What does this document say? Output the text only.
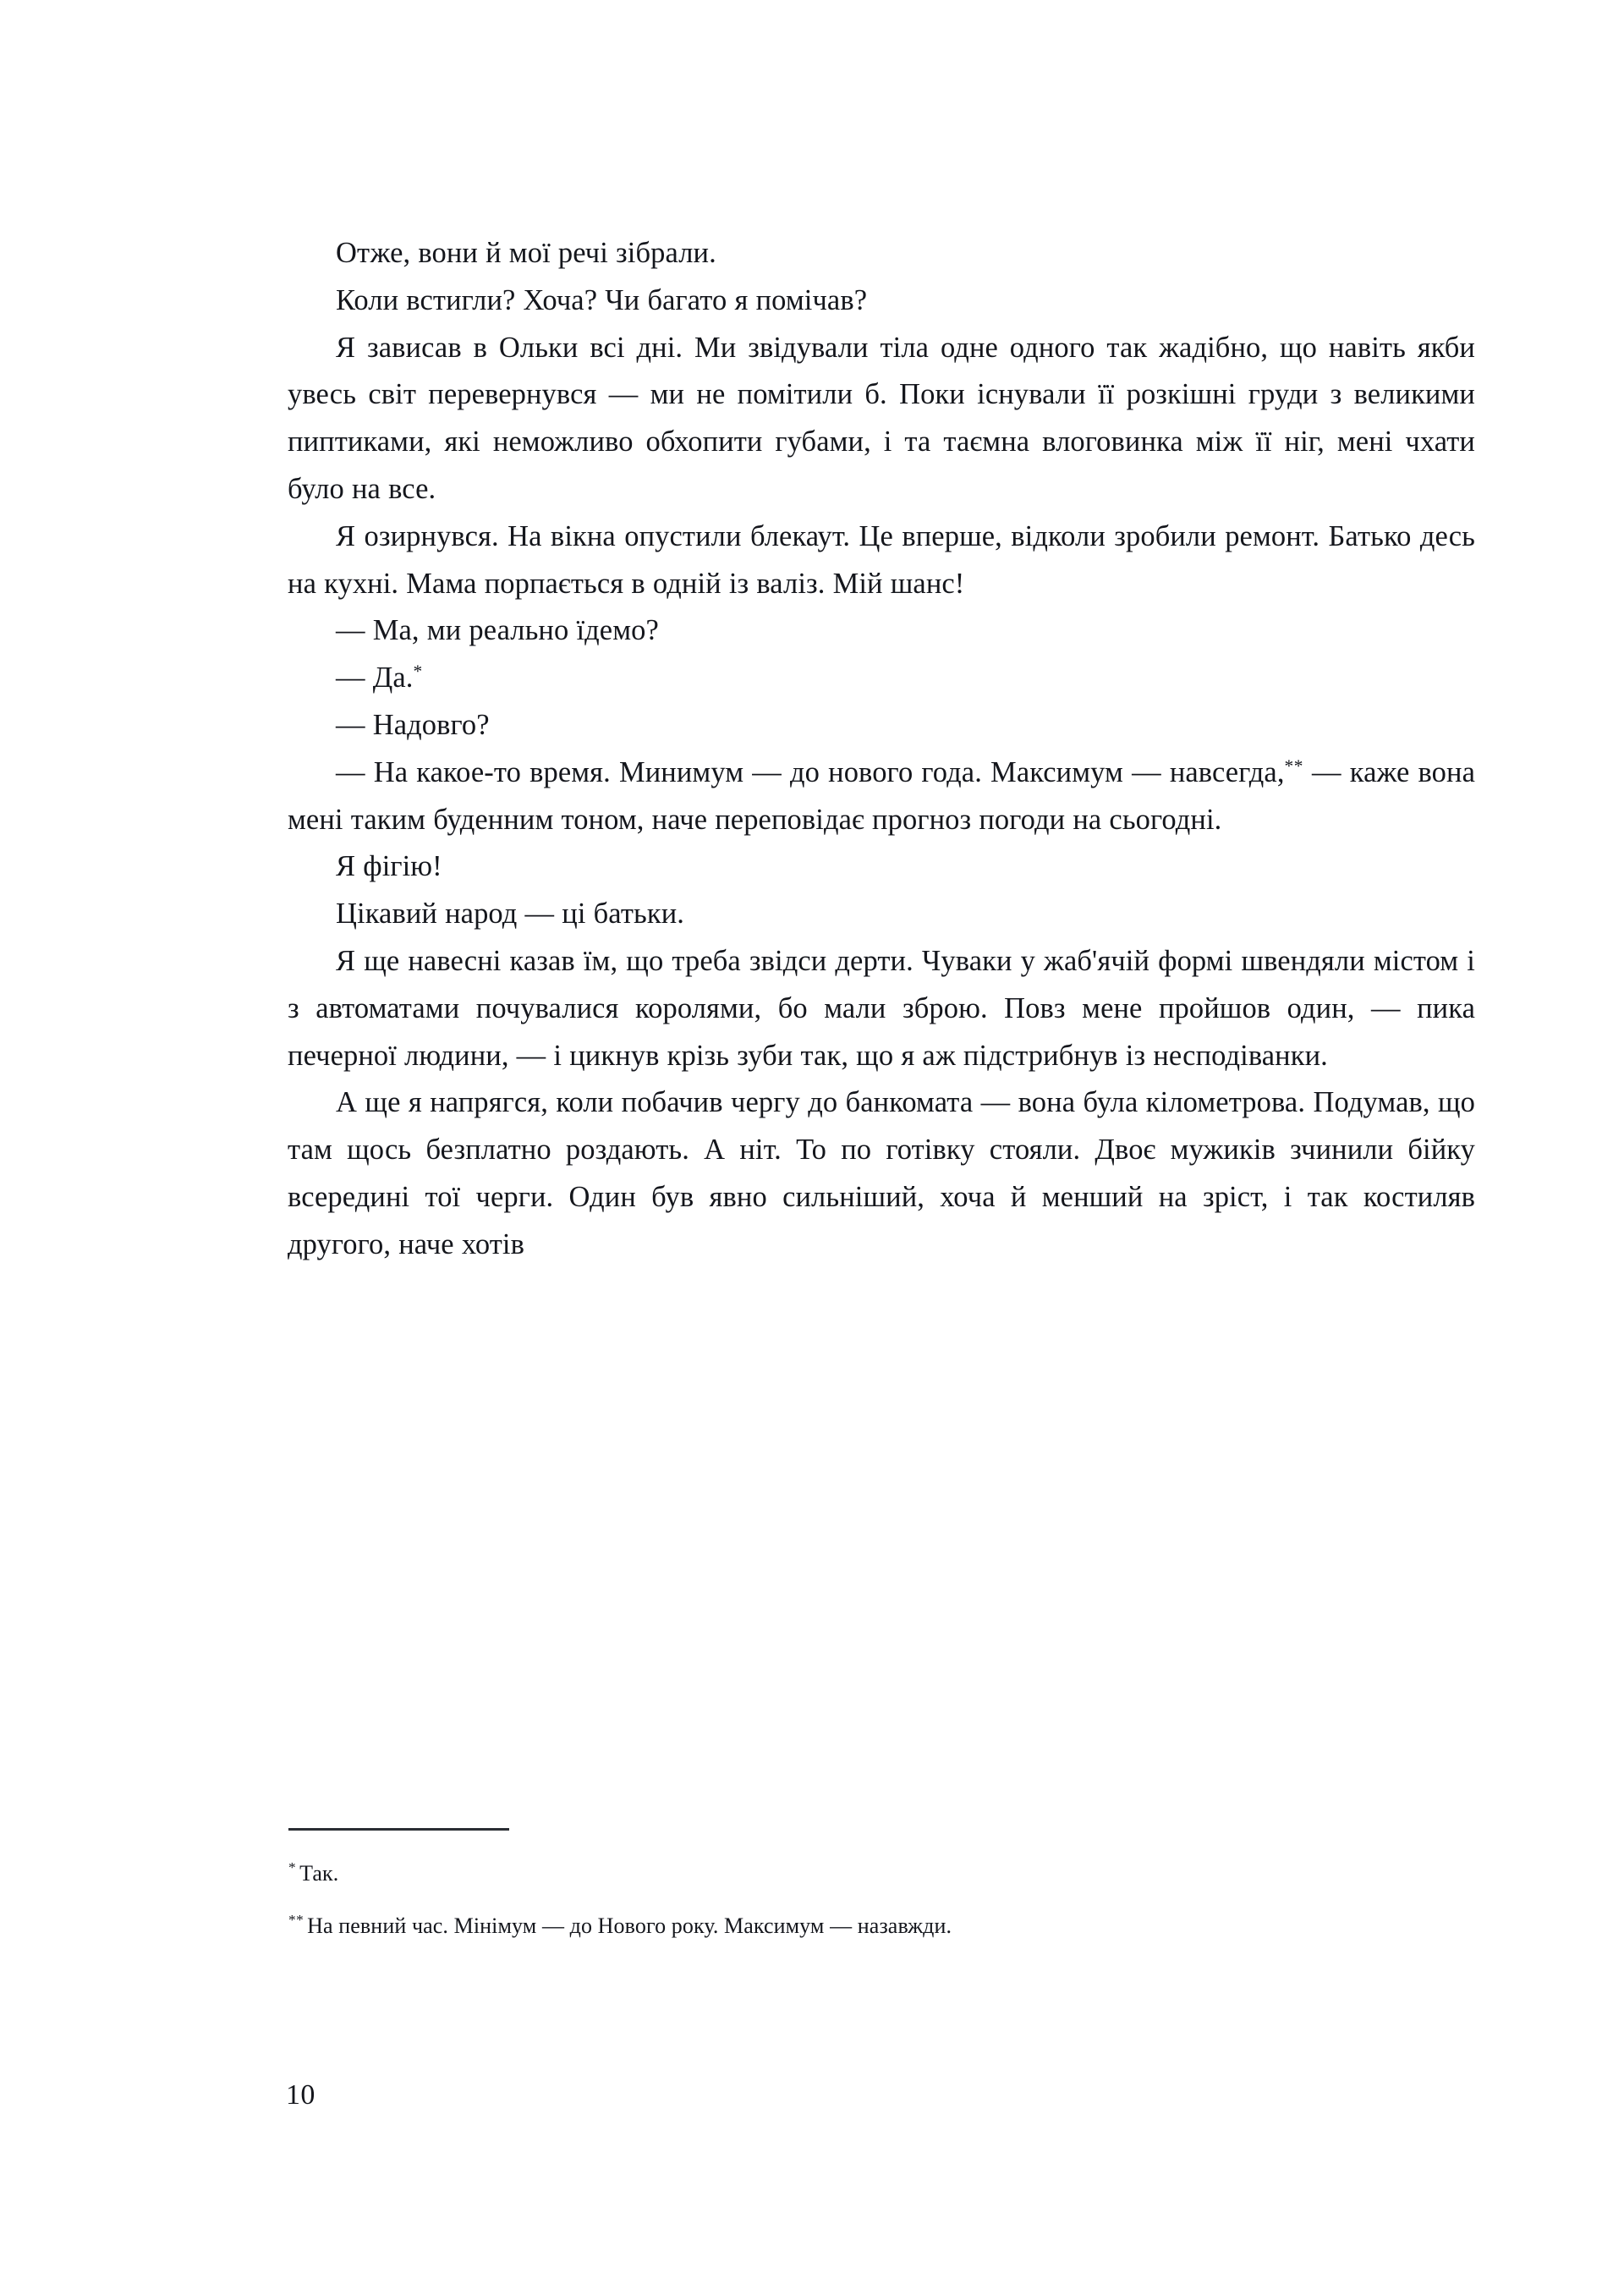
Отже, вони й мої речі зібрали.

Коли встигли? Хоча? Чи багато я помічав?

Я зависав в Ольки всі дні. Ми звідували тіла одне одного так жадібно, що навіть якби увесь світ перевернувся — ми не помітили б. Поки існували її розкішні груди з великими пиптиками, які неможливо обхопити губами, і та таємна влоговинка між її ніг, мені чхати було на все.

Я озирнувся. На вікна опустили блекаут. Це вперше, відколи зробили ремонт. Батько десь на кухні. Мама порпається в одній із валіз. Мій шанс!

— Ма, ми реально їдемо?

— Да.*

— Надовго?

— На какое-то время. Минимум — до нового года. Максимум — навсегда,** — каже вона мені таким буденним тоном, наче переповідає прогноз погоди на сьогодні.

Я фігію!

Цікавий народ — ці батьки.

Я ще навесні казав їм, що треба звідси дерти. Чуваки у жаб'ячій формі швендяли містом і з автоматами почувалися королями, бо мали зброю. Повз мене пройшов один, — пика печерної людини, — і цикнув крізь зуби так, що я аж підстрибнув із несподіванки.

А ще я напрягся, коли побачив чергу до банкомата — вона була кілометрова. Подумав, що там щось безплатно роздають. А ніт. То по готівку стояли. Двоє мужиків зчинили бійку всередині тої черги. Один був явно сильніший, хоча й менший на зріст, і так костиляв другого, наче хотів

* Так.

** На певний час. Мінімум — до Нового року. Максимум — назавжди.

10
